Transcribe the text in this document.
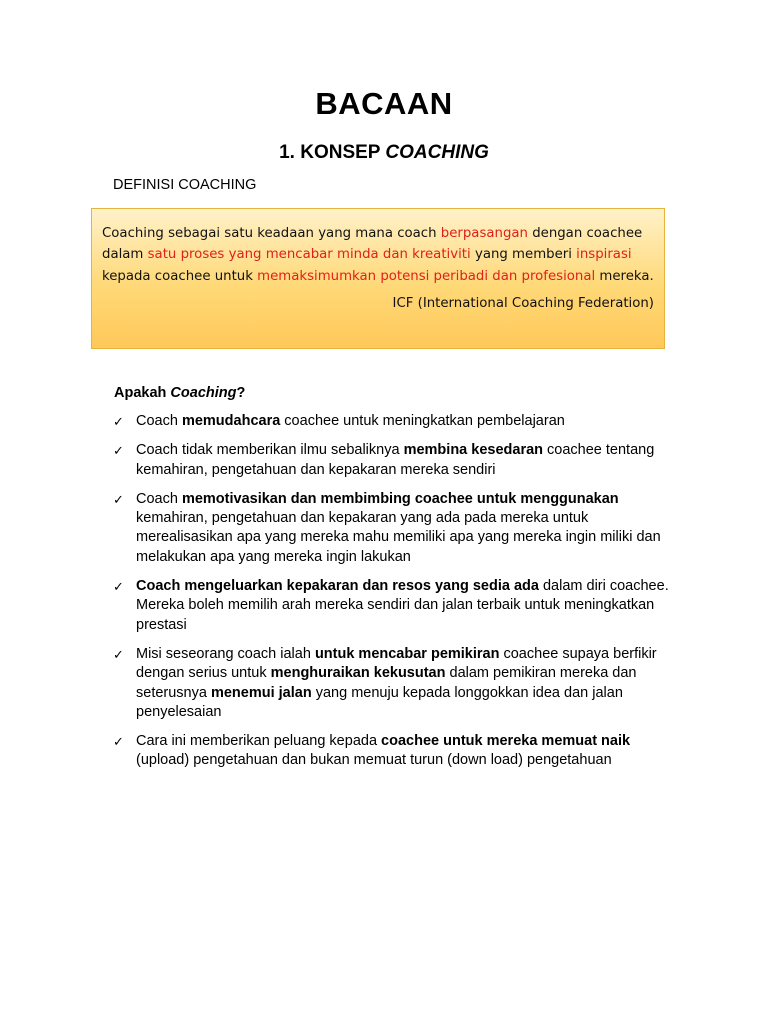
BACAAN
1. KONSEP COACHING
DEFINISI COACHING
Coaching sebagai satu keadaan yang mana coach berpasangan dengan coachee dalam satu proses yang mencabar minda dan kreativiti yang memberi inspirasi kepada coachee untuk memaksimumkan potensi peribadi dan profesional mereka.
ICF (International Coaching Federation)
Apakah Coaching?
✓ Coach memudahcara coachee untuk meningkatkan pembelajaran
✓ Coach tidak memberikan ilmu sebaliknya membina kesedaran coachee tentang kemahiran, pengetahuan dan kepakaran mereka sendiri
✓ Coach memotivasikan dan membimbing coachee untuk menggunakan kemahiran, pengetahuan dan kepakaran yang ada pada mereka untuk merealisasikan apa yang mereka mahu memiliki apa yang mereka ingin miliki dan melakukan apa yang mereka ingin lakukan
✓ Coach mengeluarkan kepakaran dan resos yang sedia ada dalam diri coachee. Mereka boleh memilih arah mereka sendiri dan jalan terbaik untuk meningkatkan prestasi
✓ Misi seseorang coach ialah untuk mencabar pemikiran coachee supaya berfikir dengan serius untuk menghuraikan kekusutan dalam pemikiran mereka dan seterusnya menemui jalan yang menuju kepada longgokkan idea dan jalan penyelesaian
✓ Cara ini memberikan peluang kepada coachee untuk mereka memuat naik (upload) pengetahuan dan bukan memuat turun (down load) pengetahuan
